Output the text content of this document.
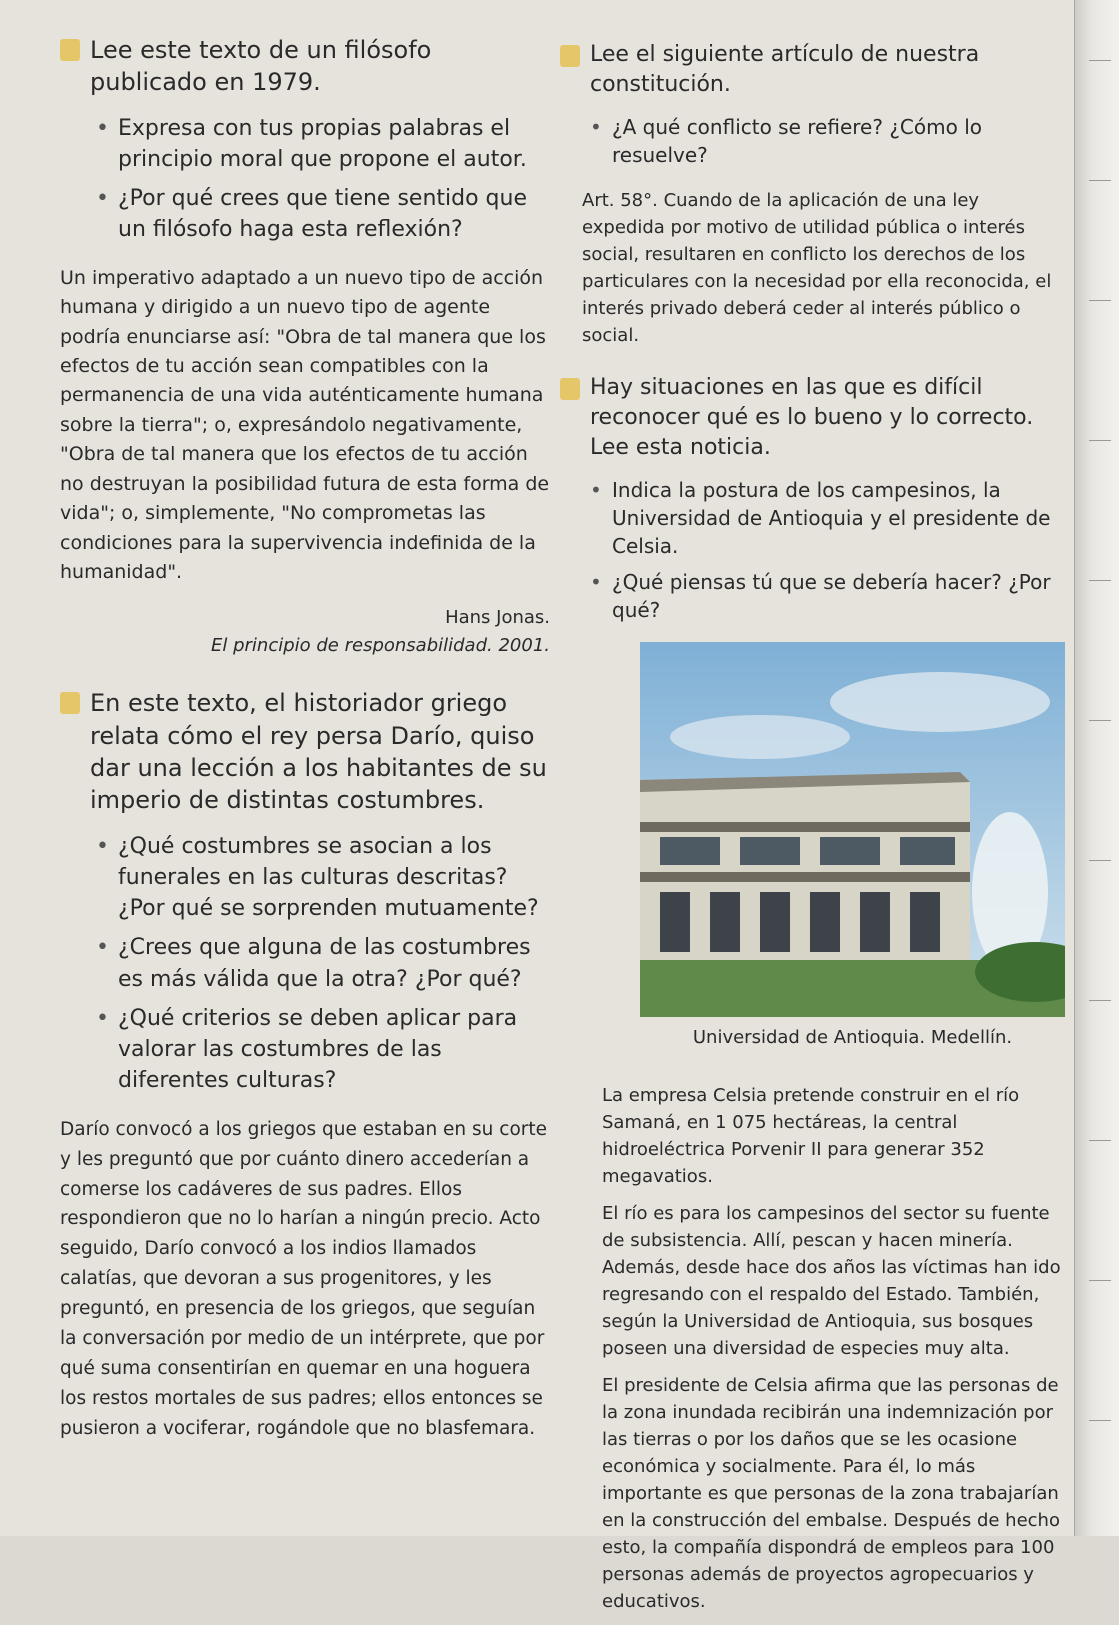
Lee este texto de un filósofo publicado en 1979.
• Expresa con tus propias palabras el principio moral que propone el autor.
• ¿Por qué crees que tiene sentido que un filósofo haga esta reflexión?
Un imperativo adaptado a un nuevo tipo de acción humana y dirigido a un nuevo tipo de agente podría enunciarse así: "Obra de tal manera que los efectos de tu acción sean compatibles con la permanencia de una vida auténticamente humana sobre la tierra"; o, expresándolo negativamente, "Obra de tal manera que los efectos de tu acción no destruyan la posibilidad futura de esta forma de vida"; o, simplemente, "No comprometas las condiciones para la supervivencia indefinida de la humanidad".
Hans Jonas.
El principio de responsabilidad. 2001.
En este texto, el historiador griego relata cómo el rey persa Darío, quiso dar una lección a los habitantes de su imperio de distintas costumbres.
• ¿Qué costumbres se asocian a los funerales en las culturas descritas? ¿Por qué se sorprenden mutuamente?
• ¿Crees que alguna de las costumbres es más válida que la otra? ¿Por qué?
• ¿Qué criterios se deben aplicar para valorar las costumbres de las diferentes culturas?
Darío convocó a los griegos que estaban en su corte y les preguntó que por cuánto dinero accederían a comerse los cadáveres de sus padres. Ellos respondieron que no lo harían a ningún precio. Acto seguido, Darío convocó a los indios llamados calatías, que devoran a sus progenitores, y les preguntó, en presencia de los griegos, que seguían la conversación por medio de un intérprete, que por qué suma consentirían en quemar en una hoguera los restos mortales de sus padres; ellos entonces se pusieron a vociferar, rogándole que no blasfemara.
Lee el siguiente artículo de nuestra constitución.
• ¿A qué conflicto se refiere? ¿Cómo lo resuelve?
Art. 58°. Cuando de la aplicación de una ley expedida por motivo de utilidad pública o interés social, resultaren en conflicto los derechos de los particulares con la necesidad por ella reconocida, el interés privado deberá ceder al interés público o social.
Hay situaciones en las que es difícil reconocer qué es lo bueno y lo correcto. Lee esta noticia.
• Indica la postura de los campesinos, la Universidad de Antioquia y el presidente de Celsia.
• ¿Qué piensas tú que se debería hacer? ¿Por qué?
Universidad de Antioquia. Medellín.

La empresa Celsia pretende construir en el río Samaná, en 1 075 hectáreas, la central hidroeléctrica Porvenir II para generar 352 megavatios.

El río es para los campesinos del sector su fuente de subsistencia. Allí, pescan y hacen minería. Además, desde hace dos años las víctimas han ido regresando con el respaldo del Estado. También, según la Universidad de Antioquia, sus bosques poseen una diversidad de especies muy alta.

El presidente de Celsia afirma que las personas de la zona inundada recibirán una indemnización por las tierras o por los daños que se les ocasione económica y socialmente. Para él, lo más importante es que personas de la zona trabajarían en la construcción del embalse. Después de hecho esto, la compañía dispondrá de empleos para 100 personas además de proyectos agropecuarios y educativos.
